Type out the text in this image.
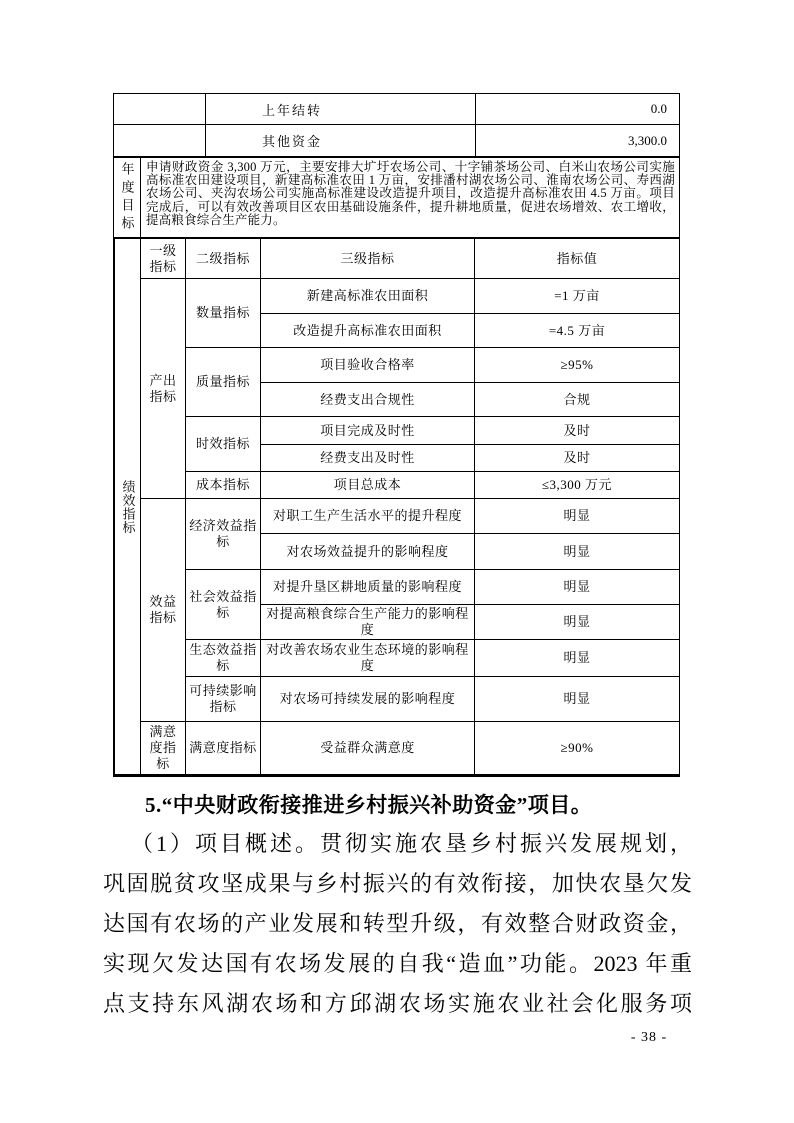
上年结转	0.0
其他资金	3,300.0
年度目标 申请财政资金 3,300 万元，主要安排大圹圩农场公司、十字铺茶场公司、白米山农场公司实施高标准农田建设项目，新建高标准农田 1 万亩，安排潘村湖农场公司、淮南农场公司、寿西湖农场公司、夹沟农场公司实施高标准建设改造提升项目，改造提升高标准农田 4.5 万亩。项目完成后，可以有效改善项目区农田基础设施条件，提升耕地质量，促进农场增效、农工增收，提高粮食综合生产能力。
绩效指标	一级指标	二级指标	三级指标	指标值
	产出指标	数量指标	新建高标准农田面积	=1 万亩
			改造提升高标准农田面积	=4.5 万亩
		质量指标	项目验收合格率	≥95%
			经费支出合规性	合规
		时效指标	项目完成及时性	及时
			经费支出及时性	及时
		成本指标	项目总成本	≤3,300 万元
	效益指标	经济效益指标	对职工生产生活水平的提升程度	明显
			对农场效益提升的影响程度	明显
		社会效益指标	对提升垦区耕地质量的影响程度	明显
			对提高粮食综合生产能力的影响程度	明显
		生态效益指标	对改善农场农业生态环境的影响程度	明显
		可持续影响指标	对农场可持续发展的影响程度	明显
	满意度指标	满意度指标	受益群众满意度	≥90%
5.“中央财政衔接推进乡村振兴补助资金”项目。
（1）项目概述。贯彻实施农垦乡村振兴发展规划，
巩固脱贫攻坚成果与乡村振兴的有效衔接，加快农垦欠发
达国有农场的产业发展和转型升级，有效整合财政资金，
实现欠发达国有农场发展的自我“造血”功能。2023 年重
点支持东风湖农场和方邱湖农场实施农业社会化服务项
- 38 -
